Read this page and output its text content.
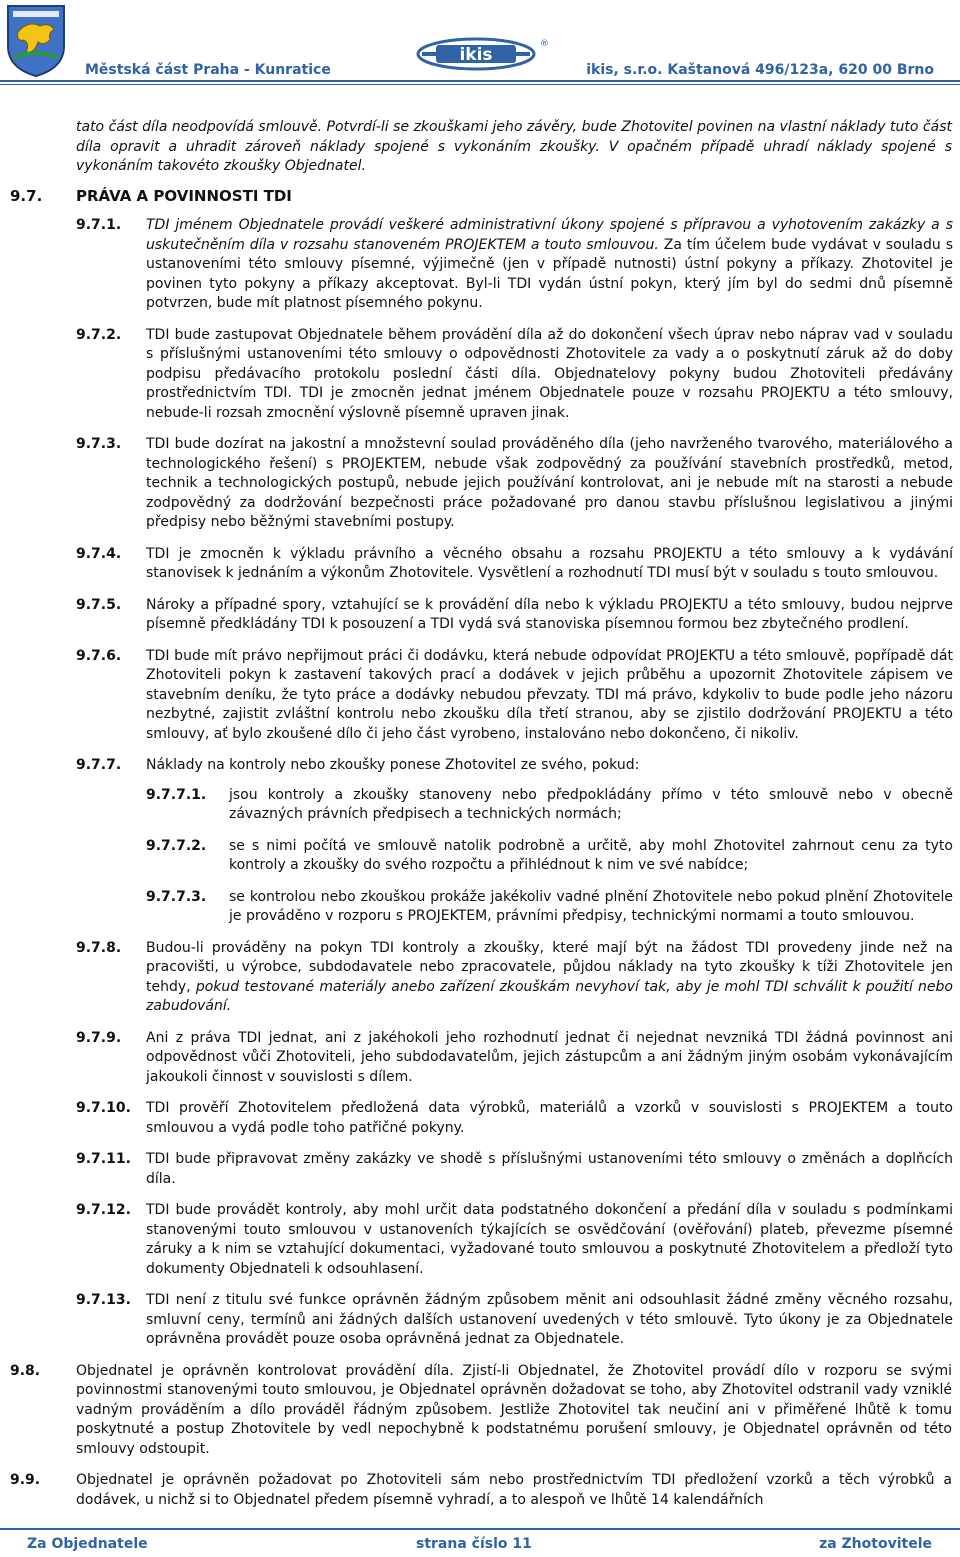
ikis
®

Městská část Praha - Kunratice	ikis, s.r.o. Kaštanová 496/123a, 620 00 Brno

tato část díla neodpovídá smlouvě. Potvrdí-li se zkouškami jeho závěry, bude Zhotovitel povinen na vlastní náklady tuto část díla opravit a uhradit zároveň náklady spojené s vykonáním zkoušky. V opačném případě uhradí náklady spojené s vykonáním takovéto zkoušky Objednatel.

9.7. PRÁVA A POVINNOSTI TDI
9.7.1. TDI jménem Objednatele provádí veškeré administrativní úkony spojené s přípravou a vyhotovením zakázky a s uskutečněním díla v rozsahu stanoveném PROJEKTEM a touto smlouvou. Za tím účelem bude vydávat v souladu s ustanoveními této smlouvy písemné, výjimečně (jen v případě nutnosti) ústní pokyny a příkazy. Zhotovitel je povinen tyto pokyny a příkazy akceptovat. Byl-li TDI vydán ústní pokyn, který jím byl do sedmi dnů písemně potvrzen, bude mít platnost písemného pokynu.

9.7.2. TDI bude zastupovat Objednatele během provádění díla až do dokončení všech úprav nebo náprav vad v souladu s příslušnými ustanoveními této smlouvy o odpovědnosti Zhotovitele za vady a o poskytnutí záruk až do doby podpisu předávacího protokolu poslední části díla. Objednatelovy pokyny budou Zhotoviteli předávány prostřednictvím TDI. TDI je zmocněn jednat jménem Objednatele pouze v rozsahu PROJEKTU a této smlouvy, nebude-li rozsah zmocnění výslovně písemně upraven jinak.

9.7.3. TDI bude dozírat na jakostní a množstevní soulad prováděného díla (jeho navrženého tvarového, materiálového a technologického řešení) s PROJEKTEM, nebude však zodpovědný za používání stavebních prostředků, metod, technik a technologických postupů, nebude jejich používání kontrolovat, ani je nebude mít na starosti a nebude zodpovědný za dodržování bezpečnosti práce požadované pro danou stavbu příslušnou legislativou a jinými předpisy nebo běžnými stavebními postupy.

9.7.4. TDI je zmocněn k výkladu právního a věcného obsahu a rozsahu PROJEKTU a této smlouvy a k vydávání stanovisek k jednáním a výkonům Zhotovitele. Vysvětlení a rozhodnutí TDI musí být v souladu s touto smlouvou.

9.7.5. Nároky a případné spory, vztahující se k provádění díla nebo k výkladu PROJEKTU a této smlouvy, budou nejprve písemně předkládány TDI k posouzení a TDI vydá svá stanoviska písemnou formou bez zbytečného prodlení.

9.7.6. TDI bude mít právo nepřijmout práci či dodávku, která nebude odpovídat PROJEKTU a této smlouvě, popřípadě dát Zhotoviteli pokyn k zastavení takových prací a dodávek v jejich průběhu a upozornit Zhotovitele zápisem ve stavebním deníku, že tyto práce a dodávky nebudou převzaty. TDI má právo, kdykoliv to bude podle jeho názoru nezbytné, zajistit zvláštní kontrolu nebo zkoušku díla třetí stranou, aby se zjistilo dodržování PROJEKTU a této smlouvy, ať bylo zkoušené dílo či jeho část vyrobeno, instalováno nebo dokončeno, či nikoliv.

9.7.7. Náklady na kontroly nebo zkoušky ponese Zhotovitel ze svého, pokud:

9.7.7.1. jsou kontroly a zkoušky stanoveny nebo předpokládány přímo v této smlouvě nebo v obecně závazných právních předpisech a technických normách;

9.7.7.2. se s nimi počítá ve smlouvě natolik podrobně a určitě, aby mohl Zhotovitel zahrnout cenu za tyto kontroly a zkoušky do svého rozpočtu a přihlédnout k nim ve své nabídce;

9.7.7.3. se kontrolou nebo zkouškou prokáže jakékoliv vadné plnění Zhotovitele nebo pokud plnění Zhotovitele je prováděno v rozporu s PROJEKTEM, právními předpisy, technickými normami a touto smlouvou.

9.7.8. Budou-li prováděny na pokyn TDI kontroly a zkoušky, které mají být na žádost TDI provedeny jinde než na pracovišti, u výrobce, subdodavatele nebo zpracovatele, půjdou náklady na tyto zkoušky k tíži Zhotovitele jen tehdy, pokud testované materiály anebo zařízení zkouškám nevyhoví tak, aby je mohl TDI schválit k použití nebo zabudování.

9.7.9. Ani z práva TDI jednat, ani z jakéhokoli jeho rozhodnutí jednat či nejednat nevzniká TDI žádná povinnost ani odpovědnost vůči Zhotoviteli, jeho subdodavatelům, jejich zástupcům a ani žádným jiným osobám vykonávajícím jakoukoli činnost v souvislosti s dílem.

9.7.10. TDI prověří Zhotovitelem předložená data výrobků, materiálů a vzorků v souvislosti s PROJEKTEM a touto smlouvou a vydá podle toho patřičné pokyny.

9.7.11. TDI bude připravovat změny zakázky ve shodě s příslušnými ustanoveními této smlouvy o změnách a doplňcích díla.

9.7.12. TDI bude provádět kontroly, aby mohl určit data podstatného dokončení a předání díla v souladu s podmínkami stanovenými touto smlouvou v ustanoveních týkajících se osvědčování (ověřování) plateb, převezme písemné záruky a k nim se vztahující dokumentaci, vyžadované touto smlouvou a poskytnuté Zhotovitelem a předloží tyto dokumenty Objednateli k odsouhlasení.

9.7.13. TDI není z titulu své funkce oprávněn žádným způsobem měnit ani odsouhlasit žádné změny věcného rozsahu, smluvní ceny, termínů ani žádných dalších ustanovení uvedených v této smlouvě. Tyto úkony je za Objednatele oprávněna provádět pouze osoba oprávněná jednat za Objednatele.

9.8.	Objednatel je oprávněn kontrolovat provádění díla. Zjistí-li Objednatel, že Zhotovitel provádí dílo v rozporu se svými povinnostmi stanovenými touto smlouvou, je Objednatel oprávněn dožadovat se toho, aby Zhotovitel odstranil vady vzniklé vadným prováděním a dílo prováděl řádným způsobem. Jestliže Zhotovitel tak neučiní ani v přiměřené lhůtě k tomu poskytnuté a postup Zhotovitele by vedl nepochybně k podstatnému porušení smlouvy, je Objednatel oprávněn od této smlouvy odstoupit.

9.9.	Objednatel je oprávněn požadovat po Zhotoviteli sám nebo prostřednictvím TDI předložení vzorků a těch výrobků a dodávek, u nichž si to Objednatel předem písemně vyhradí, a to alespoň ve lhůtě 14 kalendářních

Za Objednatele	strana číslo 11	za Zhotovitele
